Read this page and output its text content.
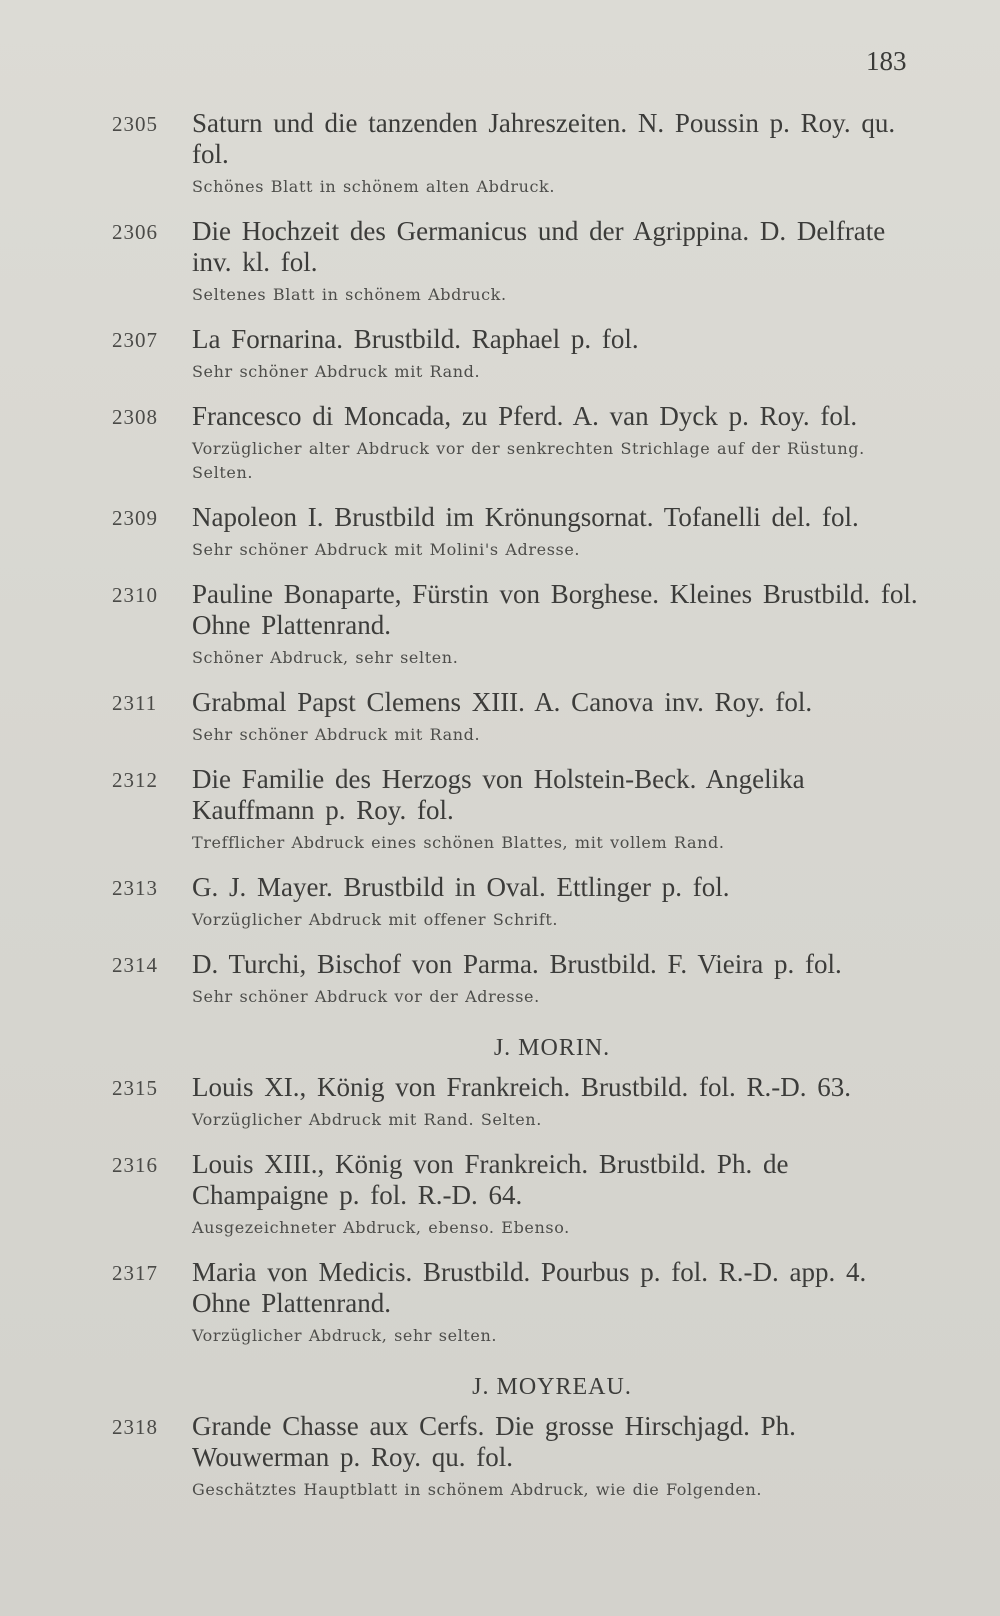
183
2305 Saturn und die tanzenden Jahreszeiten. N. Poussin p. Roy. qu. fol.
Schönes Blatt in schönem alten Abdruck.
2306 Die Hochzeit des Germanicus und der Agrippina. D. Delfrate inv. kl. fol.
Seltenes Blatt in schönem Abdruck.
2307 La Fornarina. Brustbild. Raphael p. fol.
Sehr schöner Abdruck mit Rand.
2308 Francesco di Moncada, zu Pferd. A. van Dyck p. Roy. fol.
Vorzüglicher alter Abdruck vor der senkrechten Strichlage auf der Rüstung. Selten.
2309 Napoleon I. Brustbild im Krönungsornat. Tofanelli del. fol.
Sehr schöner Abdruck mit Molini's Adresse.
2310 Pauline Bonaparte, Fürstin von Borghese. Kleines Brustbild. fol. Ohne Plattenrand.
Schöner Abdruck, sehr selten.
2311 Grabmal Papst Clemens XIII. A. Canova inv. Roy. fol.
Sehr schöner Abdruck mit Rand.
2312 Die Familie des Herzogs von Holstein-Beck. Angelika Kauffmann p. Roy. fol.
Trefflicher Abdruck eines schönen Blattes, mit vollem Rand.
2313 G. J. Mayer. Brustbild in Oval. Ettlinger p. fol.
Vorzüglicher Abdruck mit offener Schrift.
2314 D. Turchi, Bischof von Parma. Brustbild. F. Vieira p. fol.
Sehr schöner Abdruck vor der Adresse.
J. MORIN.
2315 Louis XI., König von Frankreich. Brustbild. fol. R.-D. 63.
Vorzüglicher Abdruck mit Rand. Selten.
2316 Louis XIII., König von Frankreich. Brustbild. Ph. de Champaigne p. fol. R.-D. 64.
Ausgezeichneter Abdruck, ebenso. Ebenso.
2317 Maria von Medicis. Brustbild. Pourbus p. fol. R.-D. app. 4. Ohne Plattenrand.
Vorzüglicher Abdruck, sehr selten.
J. MOYREAU.
2318 Grande Chasse aux Cerfs. Die grosse Hirschjagd. Ph. Wouwerman p. Roy. qu. fol.
Geschätztes Hauptblatt in schönem Abdruck, wie die Folgenden.
